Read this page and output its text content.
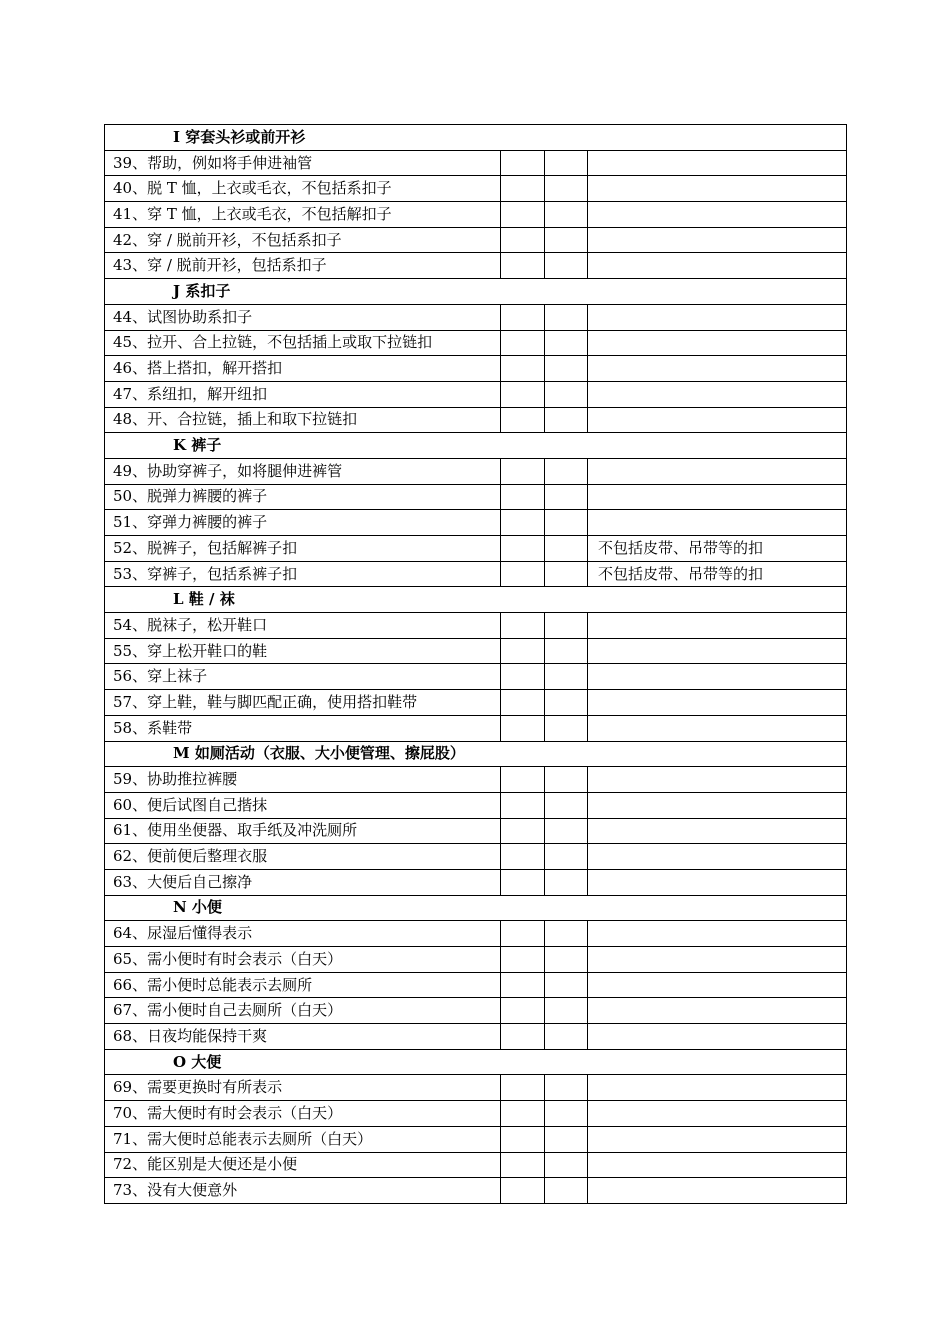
I 穿套头衫或前开衫			
39、帮助，例如将手伸进袖管			
40、脱 T 恤，上衣或毛衣，不包括系扣子			
41、穿 T 恤，上衣或毛衣，不包括解扣子			
42、穿 / 脱前开衫，不包括系扣子			
43、穿 / 脱前开衫，包括系扣子			
J 系扣子			
44、试图协助系扣子			
45、拉开、合上拉链，不包括插上或取下拉链扣			
46、搭上搭扣，解开搭扣			
47、系纽扣，解开纽扣			
48、开、合拉链，插上和取下拉链扣			
K 裤子			
49、协助穿裤子，如将腿伸进裤管			
50、脱弹力裤腰的裤子			
51、穿弹力裤腰的裤子			
52、脱裤子，包括解裤子扣			不包括皮带、吊带等的扣
53、穿裤子，包括系裤子扣			不包括皮带、吊带等的扣
L 鞋 / 袜			
54、脱袜子，松开鞋口			
55、穿上松开鞋口的鞋			
56、穿上袜子			
57、穿上鞋，鞋与脚匹配正确，使用搭扣鞋带			
58、系鞋带			
M 如厕活动（衣服、大小便管理、擦屁股）			
59、协助推拉裤腰			
60、便后试图自己揩抹			
61、使用坐便器、取手纸及冲洗厕所			
62、便前便后整理衣服			
63、大便后自己擦净			
N 小便			
64、尿湿后懂得表示			
65、需小便时有时会表示（白天）			
66、需小便时总能表示去厕所			
67、需小便时自己去厕所（白天）			
68、日夜均能保持干爽			
O 大便			
69、需要更换时有所表示			
70、需大便时有时会表示（白天）			
71、需大便时总能表示去厕所（白天）			
72、能区别是大便还是小便			
73、没有大便意外			
